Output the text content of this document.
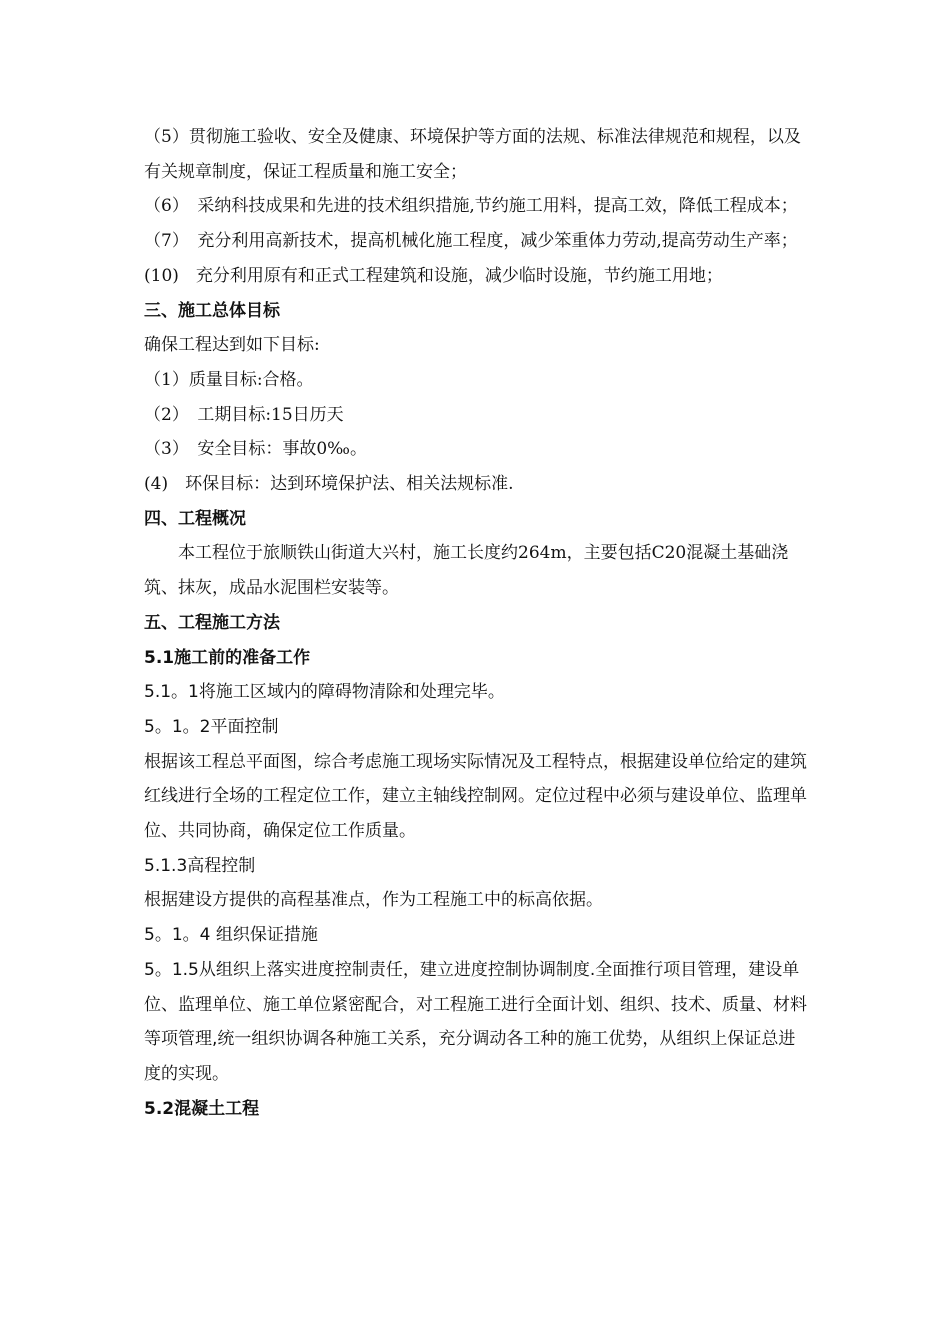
（5）贯彻施工验收、安全及健康、环境保护等方面的法规、标准法律规范和规程，以及有关规章制度，保证工程质量和施工安全；

（6）　采纳科技成果和先进的技术组织措施,节约施工用料，提高工效，降低工程成本；

（7）　充分利用高新技术，提高机械化施工程度，减少笨重体力劳动,提高劳动生产率；

(10)　充分利用原有和正式工程建筑和设施，减少临时设施，节约施工用地；

三、施工总体目标

确保工程达到如下目标:

（1）质量目标:合格。

（2）　工期目标:15日历天

（3）　安全目标：事故0‰。

(4)　环保目标：达到环境保护法、相关法规标准.

四、工程概况

本工程位于旅顺铁山街道大兴村，施工长度约264m，主要包括C20混凝土基础浇筑、抹灰，成品水泥围栏安装等。

五、工程施工方法

5.1施工前的准备工作

5.1。1将施工区域内的障碍物清除和处理完毕。

5。1。2平面控制

根据该工程总平面图，综合考虑施工现场实际情况及工程特点，根据建设单位给定的建筑红线进行全场的工程定位工作，建立主轴线控制网。定位过程中必须与建设单位、监理单位、共同协商，确保定位工作质量。

5.1.3高程控制

根据建设方提供的高程基准点，作为工程施工中的标高依据。

5。1。4 组织保证措施

5。1.5从组织上落实进度控制责任，建立进度控制协调制度.全面推行项目管理，建设单位、监理单位、施工单位紧密配合，对工程施工进行全面计划、组织、技术、质量、材料等项管理,统一组织协调各种施工关系，充分调动各工种的施工优势，从组织上保证总进度的实现。

5.2混凝土工程
